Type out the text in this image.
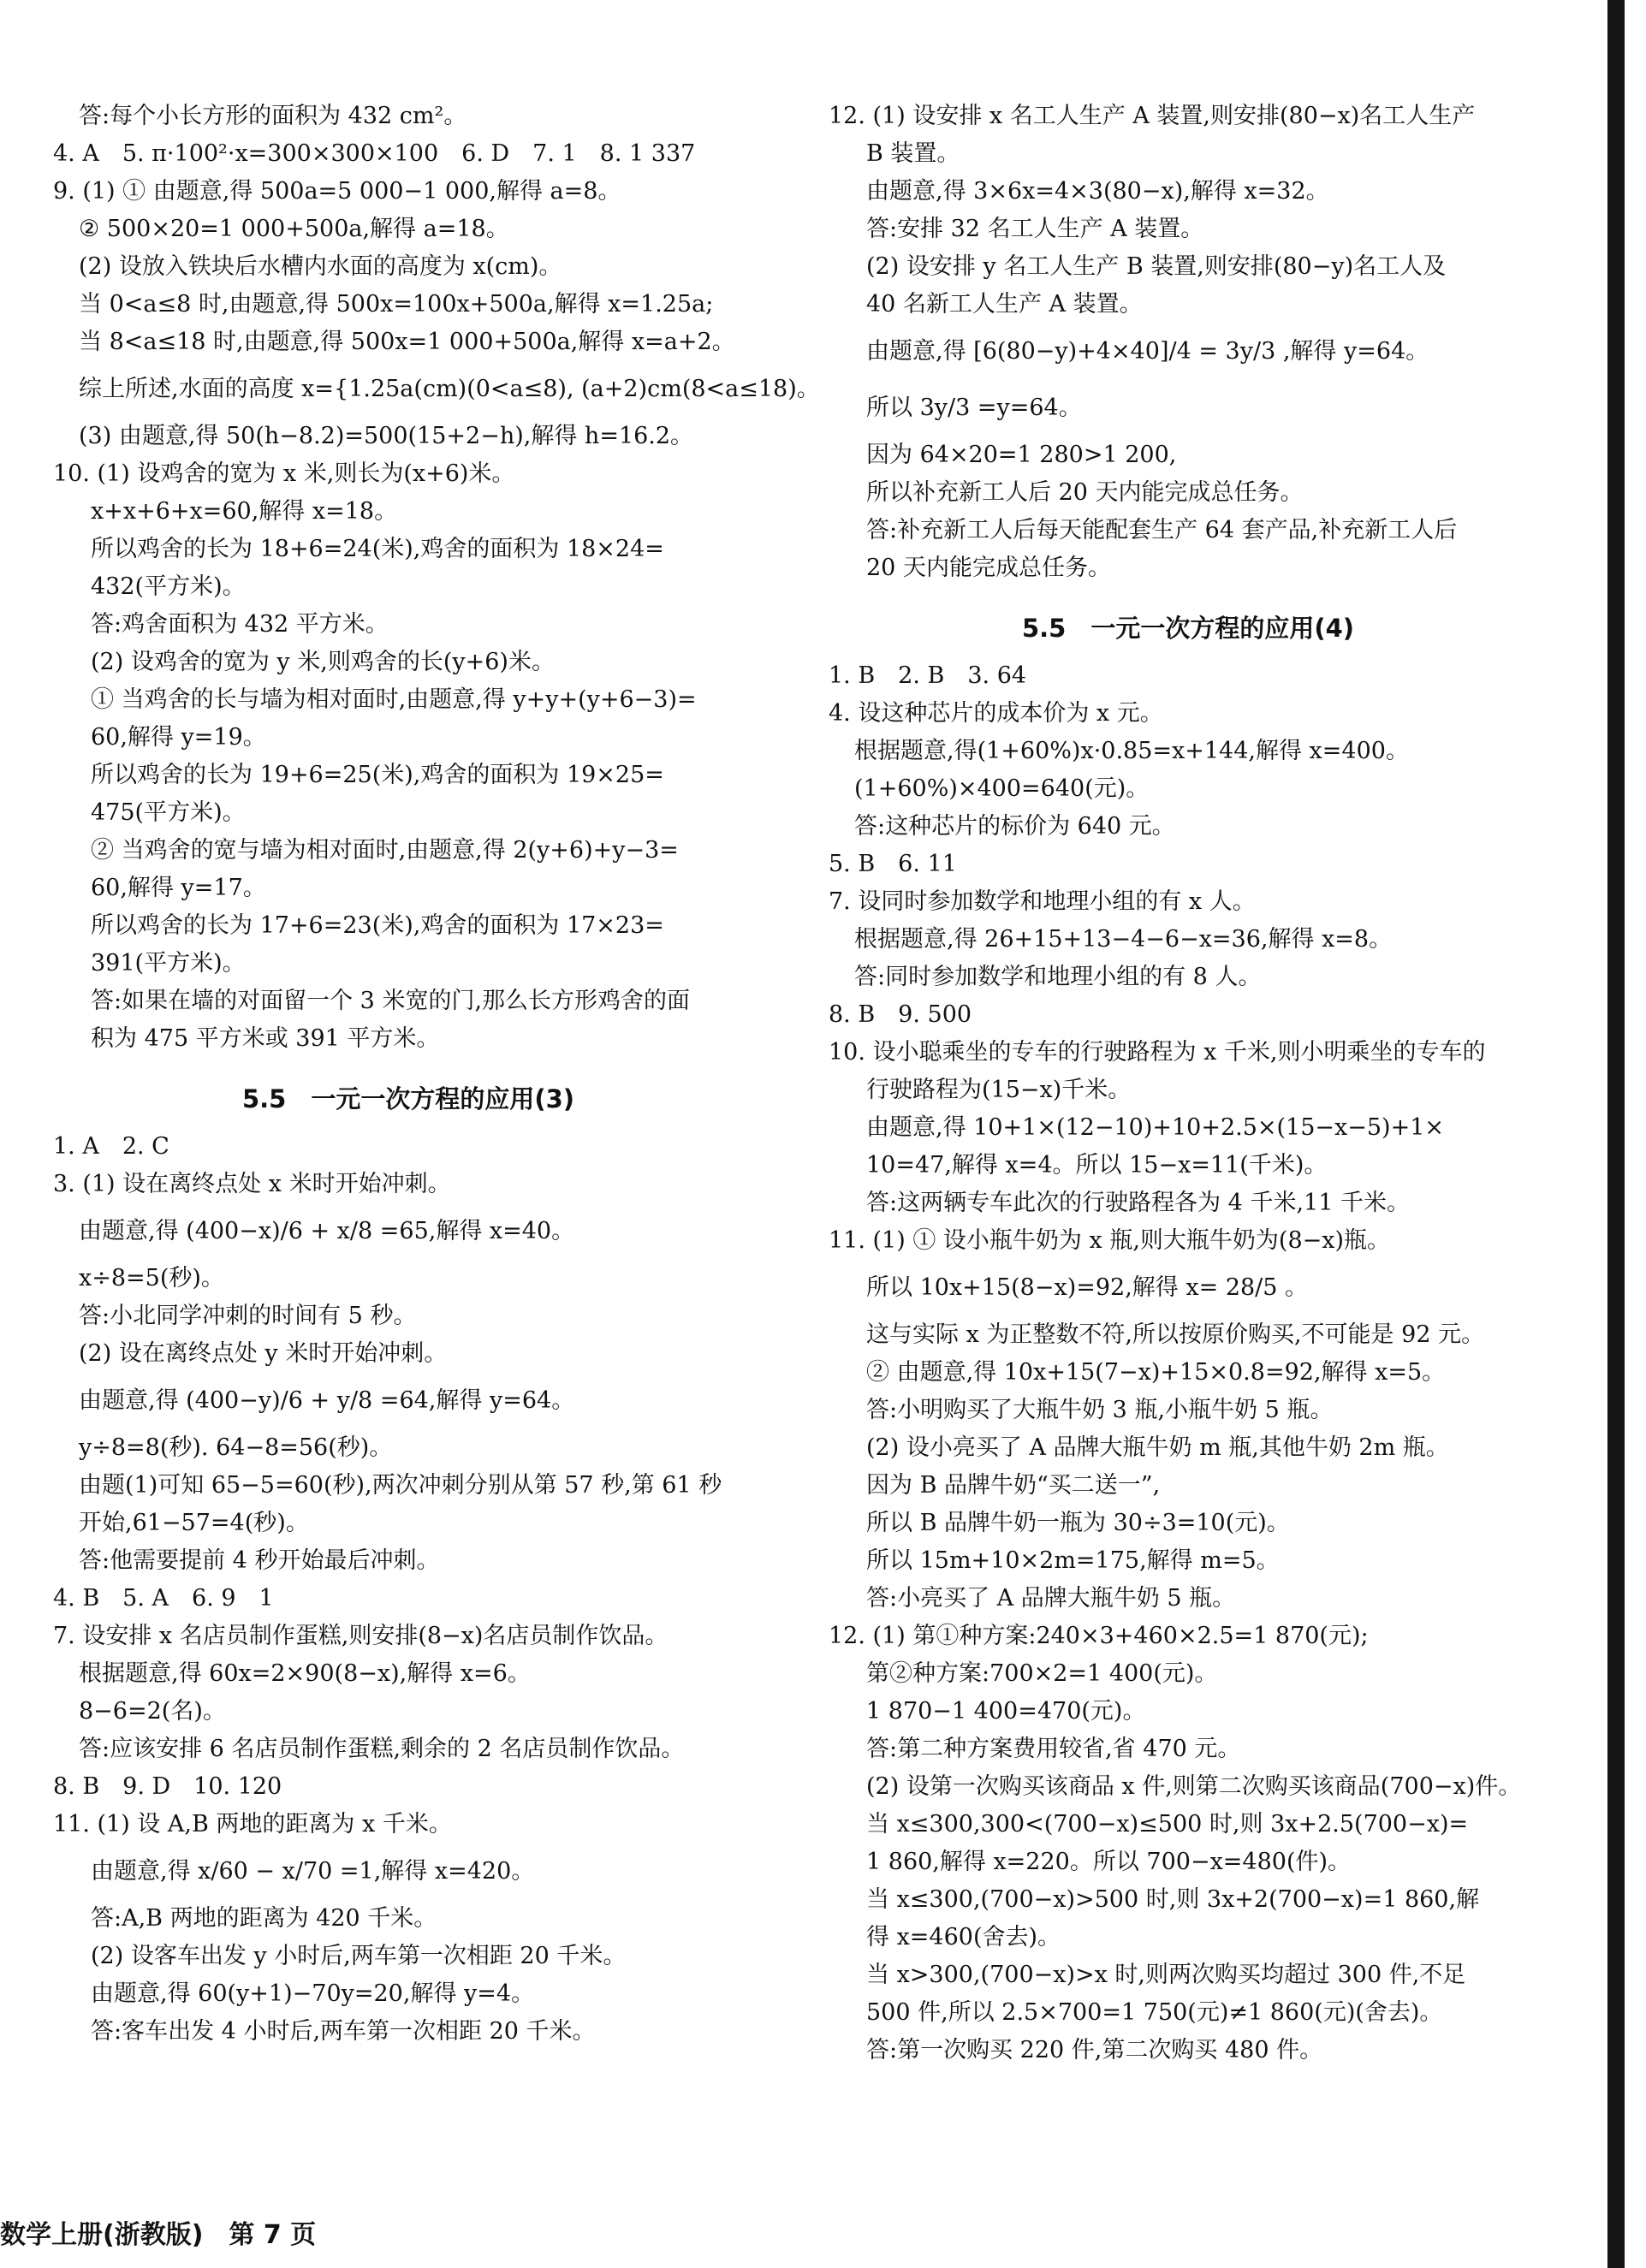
答:每个小长方形的面积为 432 cm²。
4. A　5. π·100²·x=300×300×100　6. D　7. 1　8. 1 337
9. (1) ① 由题意,得 500a=5 000−1 000,解得 a=8。
② 500×20=1 000+500a,解得 a=18。
(2) 设放入铁块后水槽内水面的高度为 x(cm)。
当 0<a≤8 时,由题意,得 500x=100x+500a,解得 x=1.25a;
当 8<a≤18 时,由题意,得 500x=1 000+500a,解得 x=a+2。
综上所述,水面的高度 x={1.25a(cm)(0<a≤8), (a+2)cm(8<a≤18)。
(3) 由题意,得 50(h−8.2)=500(15+2−h),解得 h=16.2。
10. (1) 设鸡舍的宽为 x 米,则长为(x+6)米。
x+x+6+x=60,解得 x=18。
所以鸡舍的长为 18+6=24(米),鸡舍的面积为 18×24=
432(平方米)。
答:鸡舍面积为 432 平方米。
(2) 设鸡舍的宽为 y 米,则鸡舍的长(y+6)米。
① 当鸡舍的长与墙为相对面时,由题意,得 y+y+(y+6−3)=
60,解得 y=19。
所以鸡舍的长为 19+6=25(米),鸡舍的面积为 19×25=
475(平方米)。
② 当鸡舍的宽与墙为相对面时,由题意,得 2(y+6)+y−3=
60,解得 y=17。
所以鸡舍的长为 17+6=23(米),鸡舍的面积为 17×23=
391(平方米)。
答:如果在墙的对面留一个 3 米宽的门,那么长方形鸡舍的面
积为 475 平方米或 391 平方米。
5.5　一元一次方程的应用(3)
1. A　2. C
3. (1) 设在离终点处 x 米时开始冲刺。
由题意,得 (400−x)/6 + x/8 =65,解得 x=40。
x÷8=5(秒)。
答:小北同学冲刺的时间有 5 秒。
(2) 设在离终点处 y 米时开始冲刺。
由题意,得 (400−y)/6 + y/8 =64,解得 y=64。
y÷8=8(秒). 64−8=56(秒)。
由题(1)可知 65−5=60(秒),两次冲刺分别从第 57 秒,第 61 秒
开始,61−57=4(秒)。
答:他需要提前 4 秒开始最后冲刺。
4. B　5. A　6. 9　1
7. 设安排 x 名店员制作蛋糕,则安排(8−x)名店员制作饮品。
根据题意,得 60x=2×90(8−x),解得 x=6。
8−6=2(名)。
答:应该安排 6 名店员制作蛋糕,剩余的 2 名店员制作饮品。
8. B　9. D　10. 120
11. (1) 设 A,B 两地的距离为 x 千米。
由题意,得 x/60 − x/70 =1,解得 x=420。
答:A,B 两地的距离为 420 千米。
(2) 设客车出发 y 小时后,两车第一次相距 20 千米。
由题意,得 60(y+1)−70y=20,解得 y=4。
答:客车出发 4 小时后,两车第一次相距 20 千米。
12. (1) 设安排 x 名工人生产 A 装置,则安排(80−x)名工人生产
B 装置。
由题意,得 3×6x=4×3(80−x),解得 x=32。
答:安排 32 名工人生产 A 装置。
(2) 设安排 y 名工人生产 B 装置,则安排(80−y)名工人及
40 名新工人生产 A 装置。
由题意,得 [6(80−y)+4×40]/4 = 3y/3 ,解得 y=64。
所以 3y/3 =y=64。
因为 64×20=1 280>1 200,
所以补充新工人后 20 天内能完成总任务。
答:补充新工人后每天能配套生产 64 套产品,补充新工人后
20 天内能完成总任务。
5.5　一元一次方程的应用(4)
1. B　2. B　3. 64
4. 设这种芯片的成本价为 x 元。
根据题意,得(1+60%)x·0.85=x+144,解得 x=400。
(1+60%)×400=640(元)。
答:这种芯片的标价为 640 元。
5. B　6. 11
7. 设同时参加数学和地理小组的有 x 人。
根据题意,得 26+15+13−4−6−x=36,解得 x=8。
答:同时参加数学和地理小组的有 8 人。
8. B　9. 500
10. 设小聪乘坐的专车的行驶路程为 x 千米,则小明乘坐的专车的
行驶路程为(15−x)千米。
由题意,得 10+1×(12−10)+10+2.5×(15−x−5)+1×
10=47,解得 x=4。所以 15−x=11(千米)。
答:这两辆专车此次的行驶路程各为 4 千米,11 千米。
11. (1) ① 设小瓶牛奶为 x 瓶,则大瓶牛奶为(8−x)瓶。
所以 10x+15(8−x)=92,解得 x= 28/5 。
这与实际 x 为正整数不符,所以按原价购买,不可能是 92 元。
② 由题意,得 10x+15(7−x)+15×0.8=92,解得 x=5。
答:小明购买了大瓶牛奶 3 瓶,小瓶牛奶 5 瓶。
(2) 设小亮买了 A 品牌大瓶牛奶 m 瓶,其他牛奶 2m 瓶。
因为 B 品牌牛奶“买二送一”,
所以 B 品牌牛奶一瓶为 30÷3=10(元)。
所以 15m+10×2m=175,解得 m=5。
答:小亮买了 A 品牌大瓶牛奶 5 瓶。
12. (1) 第①种方案:240×3+460×2.5=1 870(元);
第②种方案:700×2=1 400(元)。
1 870−1 400=470(元)。
答:第二种方案费用较省,省 470 元。
(2) 设第一次购买该商品 x 件,则第二次购买该商品(700−x)件。
当 x≤300,300<(700−x)≤500 时,则 3x+2.5(700−x)=
1 860,解得 x=220。所以 700−x=480(件)。
当 x≤300,(700−x)>500 时,则 3x+2(700−x)=1 860,解
得 x=460(舍去)。
当 x>300,(700−x)>x 时,则两次购买均超过 300 件,不足
500 件,所以 2.5×700=1 750(元)≠1 860(元)(舍去)。
答:第一次购买 220 件,第二次购买 480 件。
数学上册(浙教版)　第 7 页
